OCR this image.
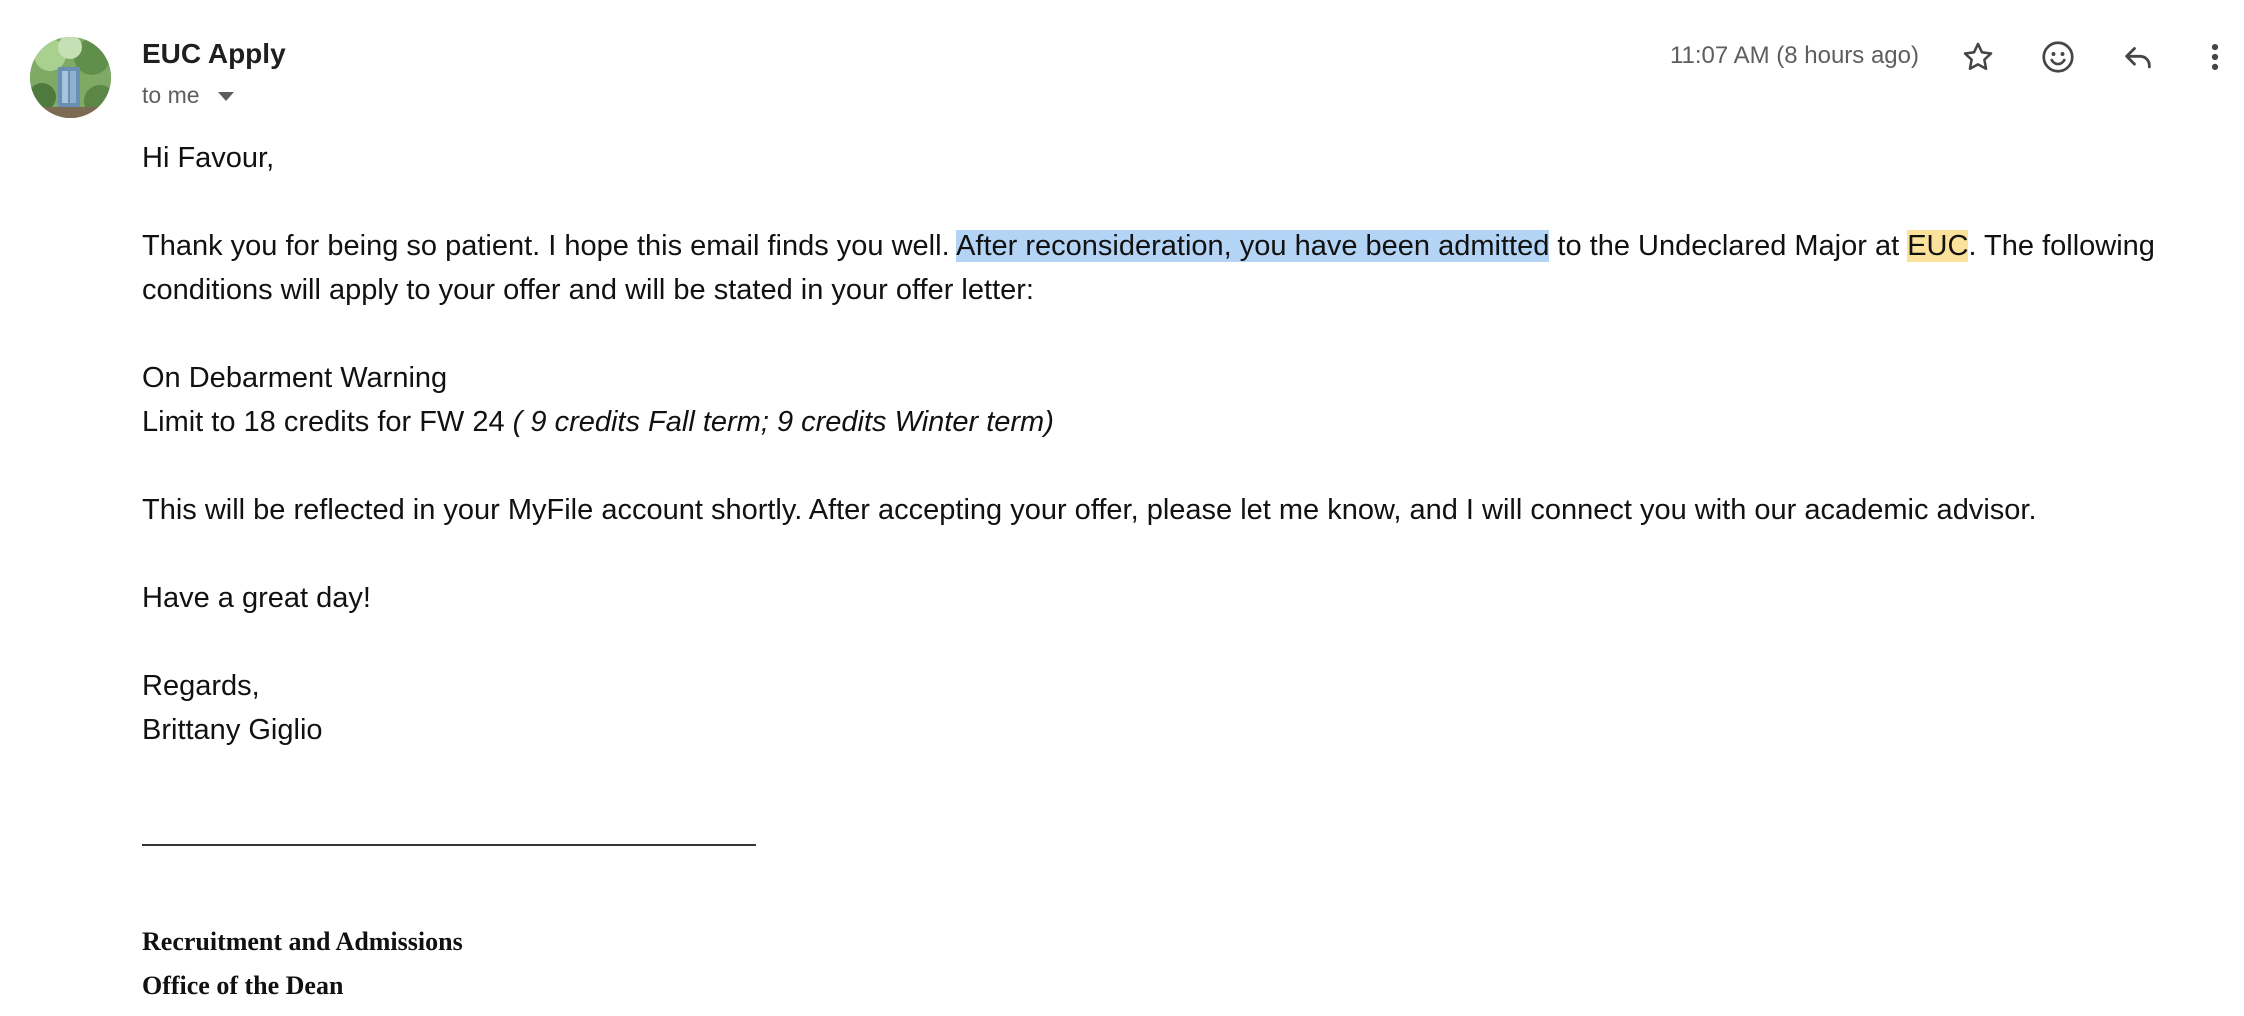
EUC Apply
to me
11:07 AM (8 hours ago)

Hi Favour,

Thank you for being so patient. I hope this email finds you well. After reconsideration, you have been admitted to the Undeclared Major at EUC. The following conditions will apply to your offer and will be stated in your offer letter:

On Debarment Warning

Limit to 18 credits for FW 24 ( 9 credits Fall term; 9 credits Winter term)

This will be reflected in your MyFile account shortly. After accepting your offer, please let me know, and I will connect you with our academic advisor.

Have a great day!

Regards,

Brittany Giglio

Recruitment and Admissions
Office of the Dean
